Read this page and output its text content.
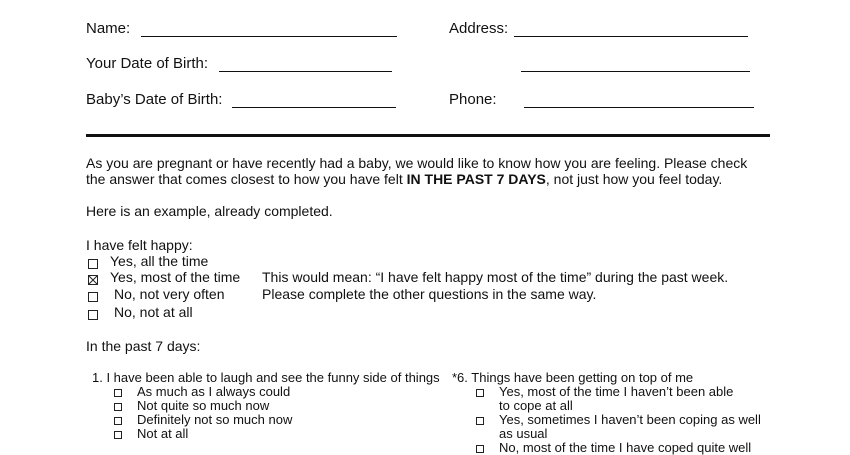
Name:	Address:
Your Date of Birth:
Baby’s Date of Birth:	Phone:
As you are pregnant or have recently had a baby, we would like to know how you are feeling. Please check
the answer that comes closest to how you have felt IN THE PAST 7 DAYS, not just how you feel today.
Here is an example, already completed.
I have felt happy:
Yes, all the time
Yes, most of the time
No, not very often
No, not at all
This would mean: “I have felt happy most of the time” during the past week.
Please complete the other questions in the same way.
In the past 7 days:
1. I have been able to laugh and see the funny side of things
As much as I always could
Not quite so much now
Definitely not so much now
Not at all
*6. Things have been getting on top of me
Yes, most of the time I haven’t been able
to cope at all
Yes, sometimes I haven’t been coping as well
as usual
No, most of the time I have coped quite well
